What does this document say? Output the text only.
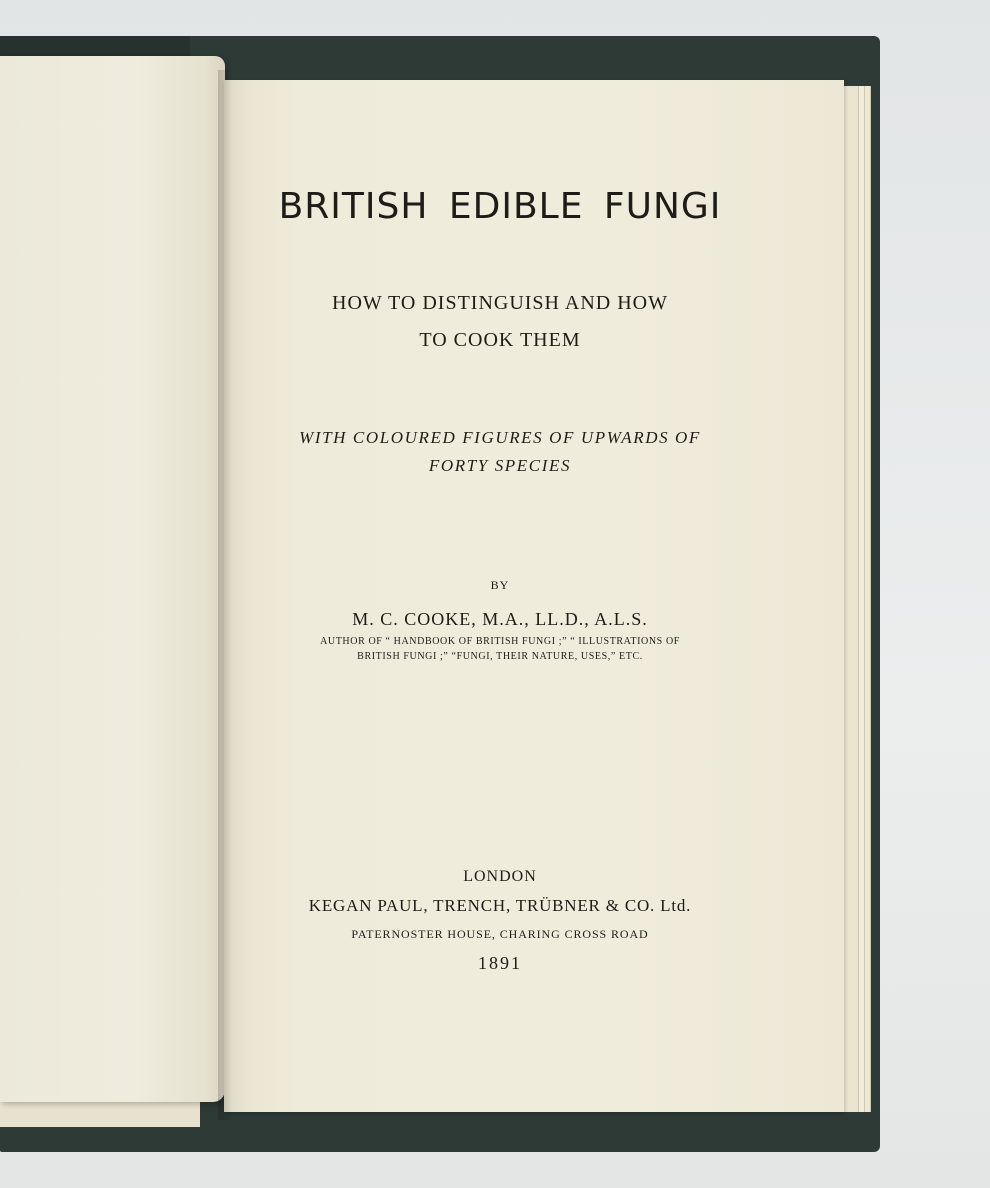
BRITISH EDIBLE FUNGI
HOW TO DISTINGUISH AND HOW
TO COOK THEM
WITH COLOURED FIGURES OF UPWARDS OF
FORTY SPECIES
BY
M. C. COOKE, M.A., LL.D., A.L.S.
AUTHOR OF “ HANDBOOK OF BRITISH FUNGI ;” “ ILLUSTRATIONS OF
BRITISH FUNGI ;” “FUNGI, THEIR NATURE, USES,” ETC.
LONDON
KEGAN PAUL, TRENCH, TRÜBNER & CO. Ltd.
PATERNOSTER HOUSE, CHARING CROSS ROAD
1891
